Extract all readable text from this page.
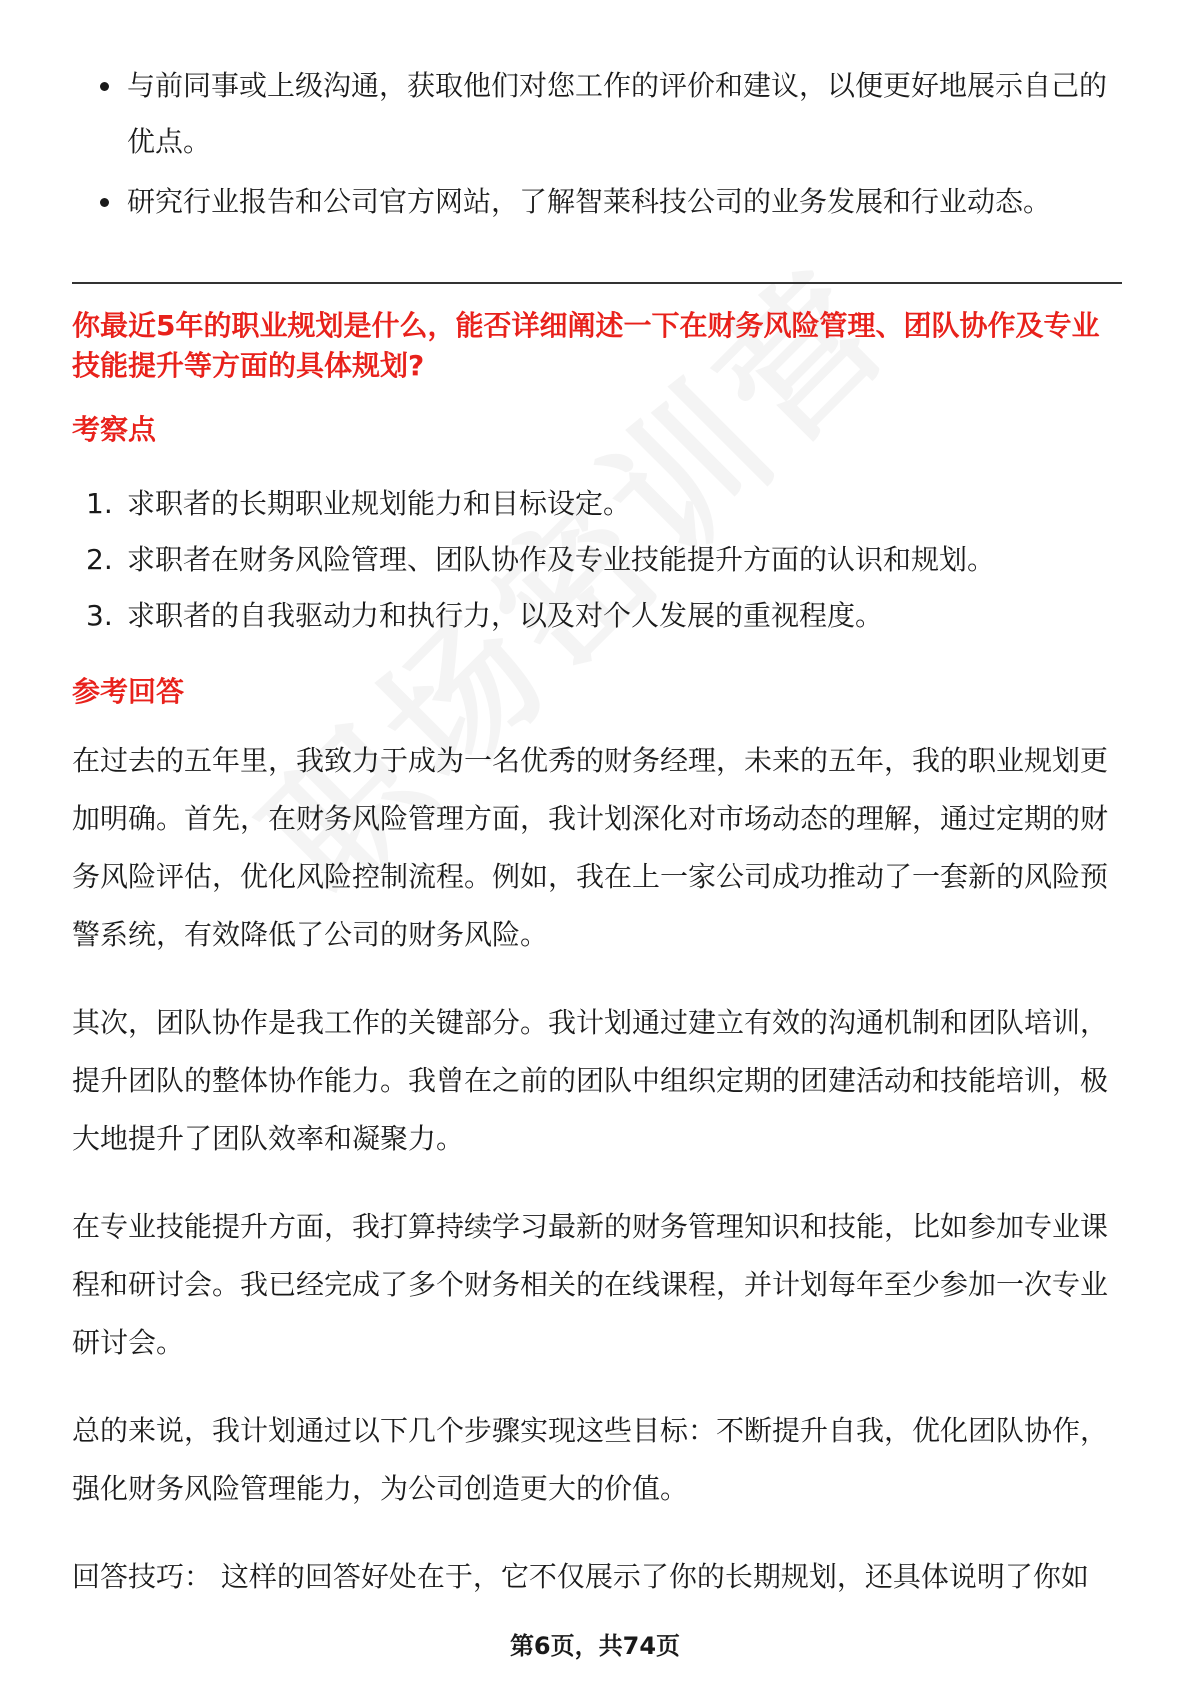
与前同事或上级沟通，获取他们对您工作的评价和建议，以便更好地展示自己的优点。
研究行业报告和公司官方网站，了解智莱科技公司的业务发展和行业动态。
你最近5年的职业规划是什么，能否详细阐述一下在财务风险管理、团队协作及专业技能提升等方面的具体规划?
考察点
1. 求职者的长期职业规划能力和目标设定。
2. 求职者在财务风险管理、团队协作及专业技能提升方面的认识和规划。
3. 求职者的自我驱动力和执行力，以及对个人发展的重视程度。
参考回答

在过去的五年里，我致力于成为一名优秀的财务经理，未来的五年，我的职业规划更加明确。首先，在财务风险管理方面，我计划深化对市场动态的理解，通过定期的财务风险评估，优化风险控制流程。例如，我在上一家公司成功推动了一套新的风险预警系统，有效降低了公司的财务风险。

其次，团队协作是我工作的关键部分。我计划通过建立有效的沟通机制和团队培训，提升团队的整体协作能力。我曾在之前的团队中组织定期的团建活动和技能培训，极大地提升了团队效率和凝聚力。

在专业技能提升方面，我打算持续学习最新的财务管理知识和技能，比如参加专业课程和研讨会。我已经完成了多个财务相关的在线课程，并计划每年至少参加一次专业研讨会。

总的来说，我计划通过以下几个步骤实现这些目标：不断提升自我，优化团队协作，强化财务风险管理能力，为公司创造更大的价值。

回答技巧： 这样的回答好处在于，它不仅展示了你的长期规划，还具体说明了你如

第6页，共74页
